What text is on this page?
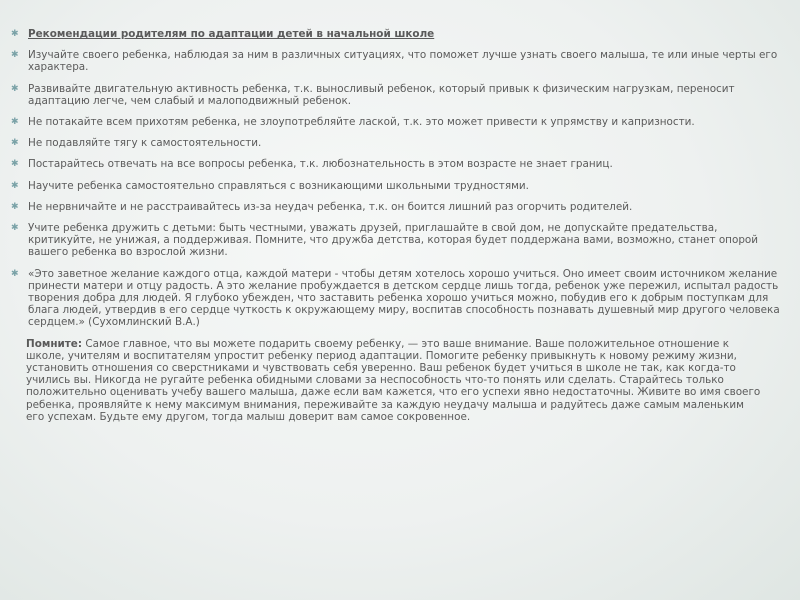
✱ Рекомендации родителям по адаптации детей в начальной школе
✱ Изучайте своего ребенка, наблюдая за ним в различных ситуациях, что поможет лучше узнать своего малыша, те или иные черты его характера.
✱ Развивайте двигательную активность ребенка, т.к. выносливый ребенок, который привык к физическим нагрузкам, переносит адаптацию легче, чем слабый и малоподвижный ребенок.
✱ Не потакайте всем прихотям ребенка, не злоупотребляйте лаской, т.к. это может привести к упрямству и капризности.
✱ Не подавляйте тягу к самостоятельности.
✱ Постарайтесь отвечать на все вопросы ребенка, т.к. любознательность в этом возрасте не знает границ.
✱ Научите ребенка самостоятельно справляться с возникающими школьными трудностями.
✱ Не нервничайте и не расстраивайтесь из-за неудач ребенка, т.к. он боится лишний раз огорчить родителей.
✱ Учите ребенка дружить с детьми: быть честными, уважать друзей, приглашайте в свой дом, не допускайте предательства, критикуйте, не унижая, а поддерживая. Помните, что дружба детства, которая будет поддержана вами, возможно, станет опорой вашего ребенка во взрослой жизни.
✱ «Это заветное желание каждого отца, каждой матери - чтобы детям хотелось хорошо учиться. Оно имеет своим источником желание принести матери и отцу радость. А это желание пробуждается в детском сердце лишь тогда, ребенок уже пережил, испытал радость творения добра для людей. Я глубоко убежден, что заставить ребенка хорошо учиться можно, побудив его к добрым поступкам для блага людей, утвердив в его сердце чуткость к окружающему миру, воспитав способность познавать душевный мир другого человека сердцем.» (Сухомлинский В.А.)

Помните: Самое главное, что вы можете подарить своему ребенку, — это ваше внимание. Ваше положительное отношение к школе, учителям и воспитателям упростит ребенку период адаптации. Помогите ребенку привыкнуть к новому режиму жизни, установить отношения со сверстниками и чувствовать себя уверенно. Ваш ребенок будет учиться в школе не так, как когда-то учились вы. Никогда не ругайте ребенка обидными словами за неспособность что-то понять или сделать. Старайтесь только положительно оценивать учебу вашего малыша, даже если вам кажется, что его успехи явно недостаточны. Живите во имя своего ребенка, проявляйте к нему максимум внимания, переживайте за каждую неудачу малыша и радуйтесь даже самым маленьким его успехам. Будьте ему другом, тогда малыш доверит вам самое сокровенное.
